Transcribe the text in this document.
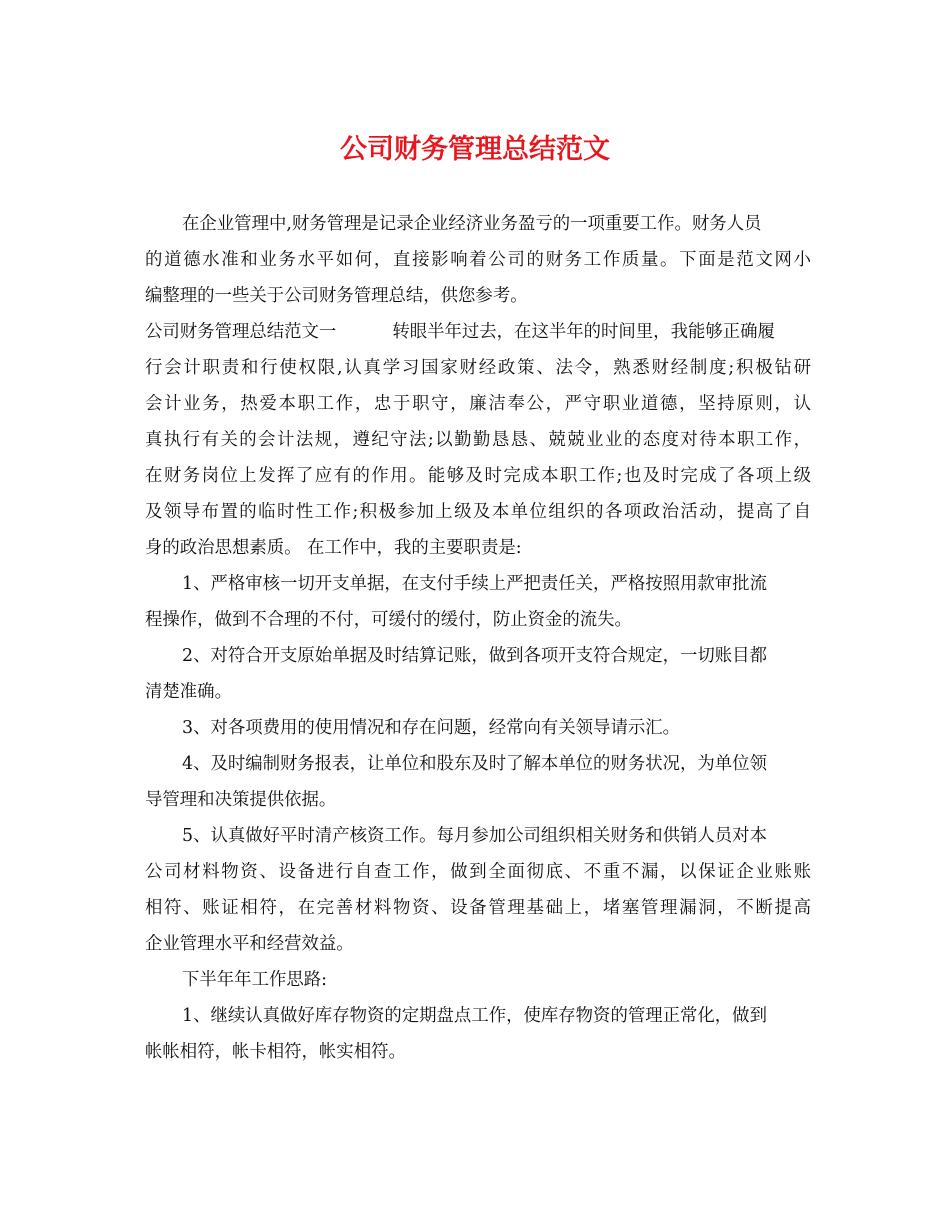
公司财务管理总结范文
在企业管理中,财务管理是记录企业经济业务盈亏的一项重要工作。财务人员
的道德水准和业务水平如何，直接影响着公司的财务工作质量。下面是范文网小
编整理的一些关于公司财务管理总结，供您参考。
公司财务管理总结范文一	转眼半年过去，在这半年的时间里，我能够正确履
行会计职责和行使权限,认真学习国家财经政策、法令，熟悉财经制度;积极钻研
会计业务，热爱本职工作，忠于职守，廉洁奉公，严守职业道德，坚持原则，认
真执行有关的会计法规，遵纪守法;以勤勤恳恳、兢兢业业的态度对待本职工作，
在财务岗位上发挥了应有的作用。能够及时完成本职工作;也及时完成了各项上级
及领导布置的临时性工作;积极参加上级及本单位组织的各项政治活动，提高了自
身的政治思想素质。 在工作中，我的主要职责是:
1、严格审核一切开支单据，在支付手续上严把责任关，严格按照用款审批流
程操作，做到不合理的不付，可缓付的缓付，防止资金的流失。
2、对符合开支原始单据及时结算记账，做到各项开支符合规定，一切账目都
清楚准确。
3、对各项费用的使用情况和存在问题，经常向有关领导请示汇。
4、及时编制财务报表，让单位和股东及时了解本单位的财务状况，为单位领
导管理和决策提供依据。
5、认真做好平时清产核资工作。每月参加公司组织相关财务和供销人员对本
公司材料物资、设备进行自查工作，做到全面彻底、不重不漏，以保证企业账账
相符、账证相符，在完善材料物资、设备管理基础上，堵塞管理漏洞，不断提高
企业管理水平和经营效益。
下半年年工作思路:
1、继续认真做好库存物资的定期盘点工作，使库存物资的管理正常化，做到
帐帐相符，帐卡相符，帐实相符。
